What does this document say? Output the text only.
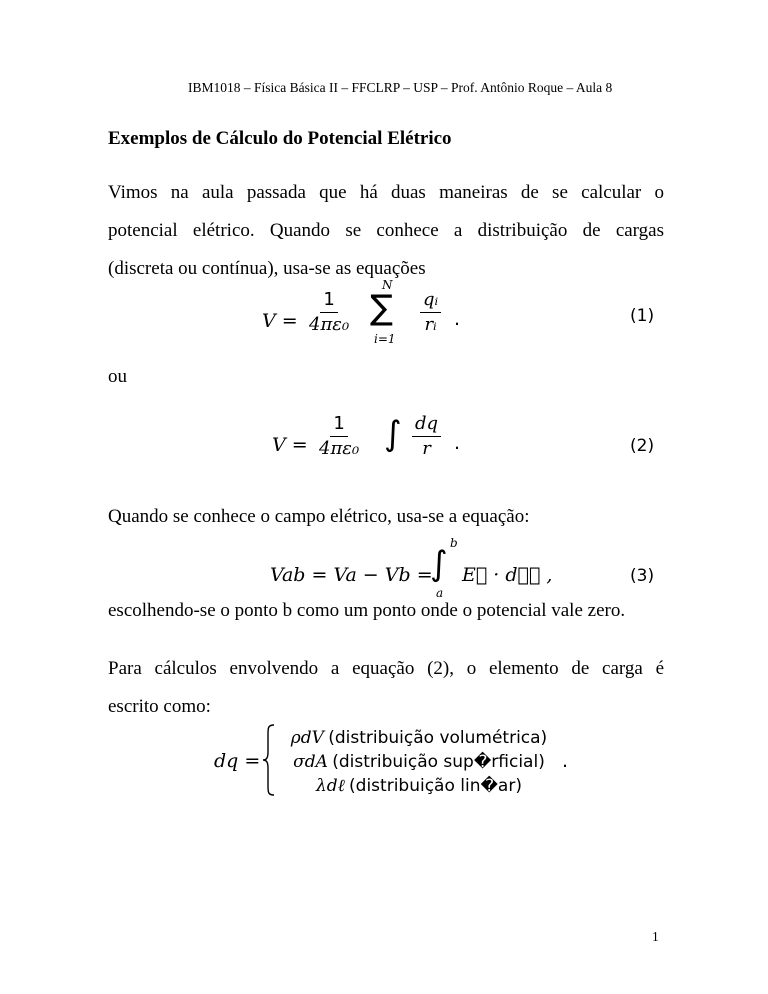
IBM1018 – Física Básica II – FFCLRP – USP – Prof. Antônio Roque – Aula 8
Exemplos de Cálculo do Potencial Elétrico
Vimos na aula passada que há duas maneiras de se calcular o
potencial elétrico. Quando se conhece a distribuição de cargas
(discreta ou contínua), usa-se as equações
$V = \frac{1}{\text{4πε₀}}$
N
∑
i=1
$\frac{\text{qᵢ}}{\text{rᵢ}}$ .	(1)
ou
$V = \frac{1}{\text{4πε₀}}$ ∫ $\frac{dq}{r}$ .	(2)
Quando se conhece o campo elétrico, usa-se a equação:
Vab = Va − Vb =
b
∫
a
E⃗ · dℓ⃗ ,	(3)
escolhendo-se o ponto b como um ponto onde o potencial vale zero.
Para cálculos envolvendo a equação (2), o elemento de carga é
escrito como:
dq =
ρdV (distribuição volumétrica)
σdA (distribuição sup�rficial)
λdℓ (distribuição lin�ar)
.
1
